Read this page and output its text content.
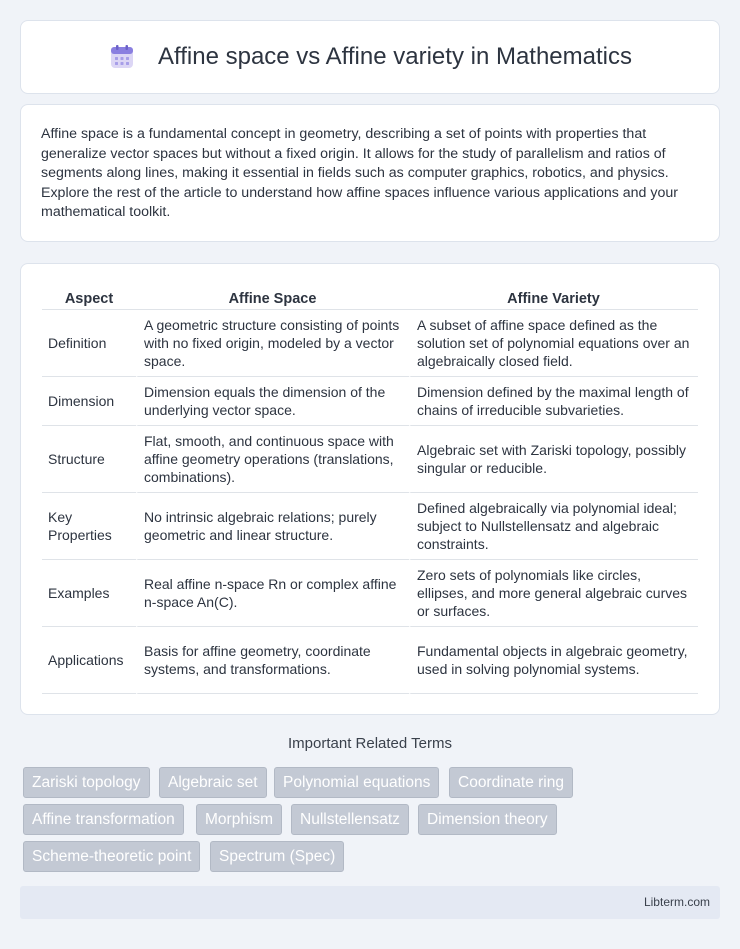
Affine space vs Affine variety in Mathematics

Affine space is a fundamental concept in geometry, describing a set of points with properties that generalize vector spaces but without a fixed origin. It allows for the study of parallelism and ratios of segments along lines, making it essential in fields such as computer graphics, robotics, and physics. Explore the rest of the article to understand how affine spaces influence various applications and your mathematical toolkit.

Aspect	Affine Space	Affine Variety
Definition	A geometric structure consisting of points with no fixed origin, modeled by a vector space.	A subset of affine space defined as the solution set of polynomial equations over an algebraically closed field.
Dimension	Dimension equals the dimension of the underlying vector space.	Dimension defined by the maximal length of chains of irreducible subvarieties.
Structure	Flat, smooth, and continuous space with affine geometry operations (translations, combinations).	Algebraic set with Zariski topology, possibly singular or reducible.
Key Properties	No intrinsic algebraic relations; purely geometric and linear structure.	Defined algebraically via polynomial ideal; subject to Nullstellensatz and algebraic constraints.
Examples	Real affine n-space Rn or complex affine n-space An(C).	Zero sets of polynomials like circles, ellipses, and more general algebraic curves or surfaces.
Applications	Basis for affine geometry, coordinate systems, and transformations.	Fundamental objects in algebraic geometry, used in solving polynomial systems.
Important Related Terms
Zariski topology	Algebraic set	Polynomial equations	Coordinate ring
Affine transformation	Morphism	Nullstellensatz	Dimension theory
Scheme-theoretic point	Spectrum (Spec)
Libterm.com
